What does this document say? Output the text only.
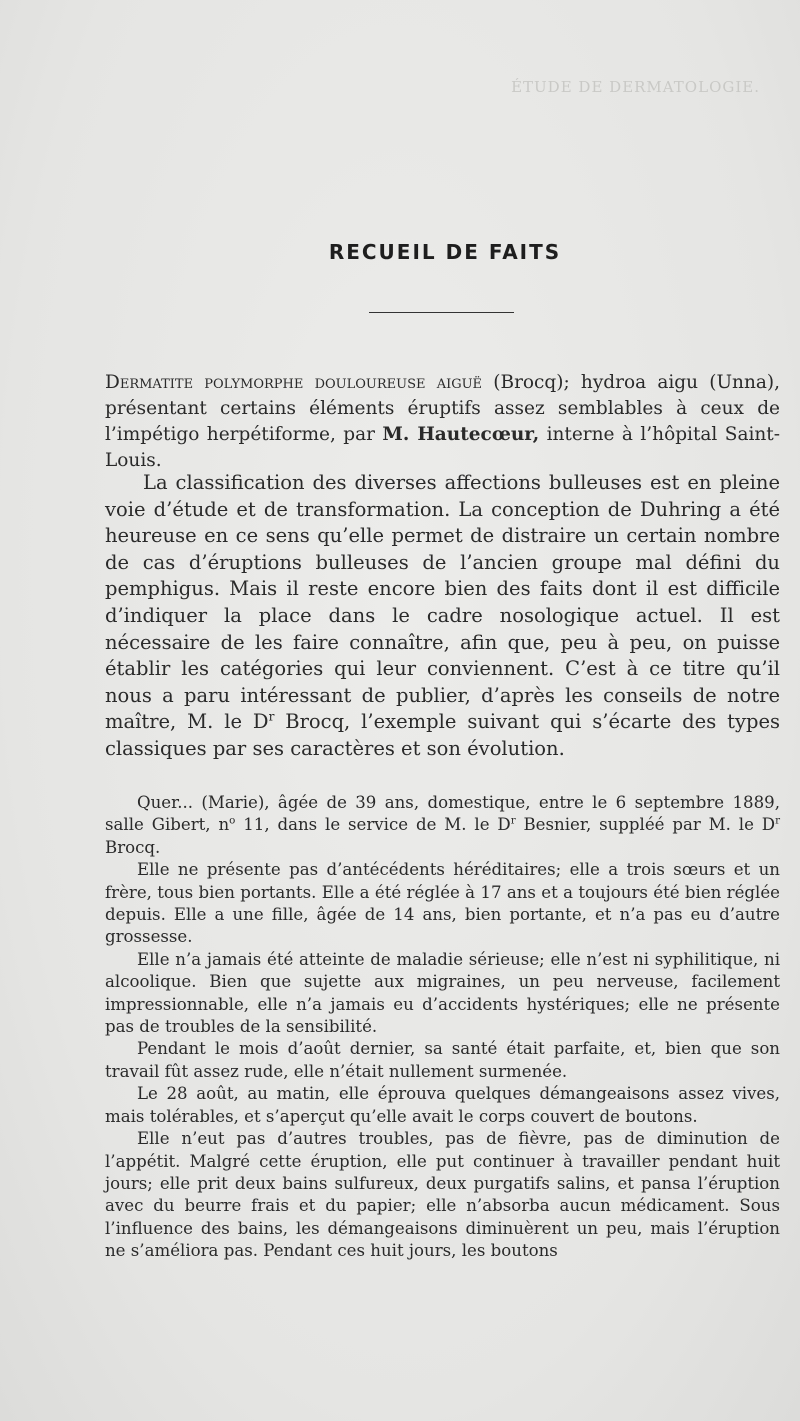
ÉTUDE DE DERMATOLOGIE.
RECUEIL DE FAITS
Dermatite polymorphe douloureuse aiguë (Brocq); hydroa aigu (Unna), présentant certains éléments éruptifs assez semblables à ceux de l’impétigo herpétiforme, par M. Hautecœur, interne à l’hôpital Saint-Louis.

La classification des diverses affections bulleuses est en pleine voie d’étude et de transformation. La conception de Duhring a été heureuse en ce sens qu’elle permet de distraire un certain nombre de cas d’éruptions bulleuses de l’ancien groupe mal défini du pemphigus. Mais il reste encore bien des faits dont il est difficile d’indiquer la place dans le cadre nosologique actuel. Il est nécessaire de les faire connaître, afin que, peu à peu, on puisse établir les catégories qui leur conviennent. C’est à ce titre qu’il nous a paru intéressant de publier, d’après les conseils de notre maître, M. le $D^r$ Brocq, l’exemple suivant qui s’écarte des types classiques par ses caractères et son évolution.

Quer... (Marie), âgée de 39 ans, domestique, entre le 6 septembre 1889, salle Gibert, $n^o$ 11, dans le service de M. le $D^r$ Besnier, suppléé par M. le $D^r$ Brocq.

Elle ne présente pas d’antécédents héréditaires; elle a trois sœurs et un frère, tous bien portants. Elle a été réglée à 17 ans et a toujours été bien réglée depuis. Elle a une fille, âgée de 14 ans, bien portante, et n’a pas eu d’autre grossesse.

Elle n’a jamais été atteinte de maladie sérieuse; elle n’est ni syphilitique, ni alcoolique. Bien que sujette aux migraines, un peu nerveuse, facilement impressionnable, elle n’a jamais eu d’accidents hystériques; elle ne présente pas de troubles de la sensibilité.

Pendant le mois d’août dernier, sa santé était parfaite, et, bien que son travail fût assez rude, elle n’était nullement surmenée.

Le 28 août, au matin, elle éprouva quelques démangeaisons assez vives, mais tolérables, et s’aperçut qu’elle avait le corps couvert de boutons.

Elle n’eut pas d’autres troubles, pas de fièvre, pas de diminution de l’appétit. Malgré cette éruption, elle put continuer à travailler pendant huit jours; elle prit deux bains sulfureux, deux purgatifs salins, et pansa l’éruption avec du beurre frais et du papier; elle n’absorba aucun médicament. Sous l’influence des bains, les démangeaisons diminuèrent un peu, mais l’éruption ne s’améliora pas. Pendant ces huit jours, les boutons
